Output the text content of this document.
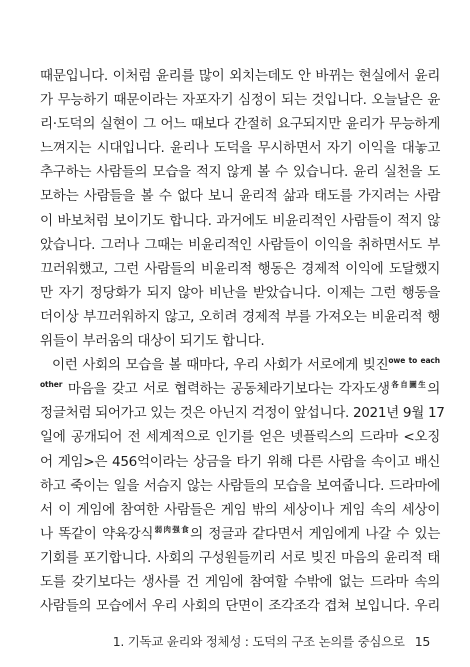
때문입니다. 이처럼 윤리를 많이 외치는데도 안 바뀌는 현실에서 윤리
가 무능하기 때문이라는 자포자기 심정이 되는 것입니다. 오늘날은 윤
리·도덕의 실현이 그 어느 때보다 간절히 요구되지만 윤리가 무능하게
느껴지는 시대입니다. 윤리나 도덕을 무시하면서 자기 이익을 대놓고
추구하는 사람들의 모습을 적지 않게 볼 수 있습니다. 윤리 실천을 도
모하는 사람들을 볼 수 없다 보니 윤리적 삶과 태도를 가지려는 사람
이 바보처럼 보이기도 합니다. 과거에도 비윤리적인 사람들이 적지 않
았습니다. 그러나 그때는 비윤리적인 사람들이 이익을 취하면서도 부
끄러워했고, 그런 사람들의 비윤리적 행동은 경제적 이익에 도달했지
만 자기 정당화가 되지 않아 비난을 받았습니다. 이제는 그런 행동을
더이상 부끄러워하지 않고, 오히려 경제적 부를 가져오는 비윤리적 행
위들이 부러움의 대상이 되기도 합니다.
이런 사회의 모습을 볼 때마다, 우리 사회가 서로에게 빚진$^{owe to each}$
$^{other}$ 마음을 갖고 서로 협력하는 공동체라기보다는 각자도생$^{各自圖生}$의
정글처럼 되어가고 있는 것은 아닌지 걱정이 앞섭니다. 2021년 9월 17
일에 공개되어 전 세계적으로 인기를 얻은 넷플릭스의 드라마 <오징
어 게임>은 456억이라는 상금을 타기 위해 다른 사람을 속이고 배신
하고 죽이는 일을 서슴지 않는 사람들의 모습을 보여줍니다. 드라마에
서 이 게임에 참여한 사람들은 게임 밖의 세상이나 게임 속의 세상이
나 똑같이 약육강식$^{弱肉强食}$의 정글과 같다면서 게임에게 나갈 수 있는
기회를 포기합니다. 사회의 구성원들끼리 서로 빚진 마음의 윤리적 태
도를 갖기보다는 생사를 건 게임에 참여할 수밖에 없는 드라마 속의
사람들의 모습에서 우리 사회의 단면이 조각조각 겹쳐 보입니다. 우리
1. 기독교 윤리와 정체성 : 도덕의 구조 논의를 중심으로 15
